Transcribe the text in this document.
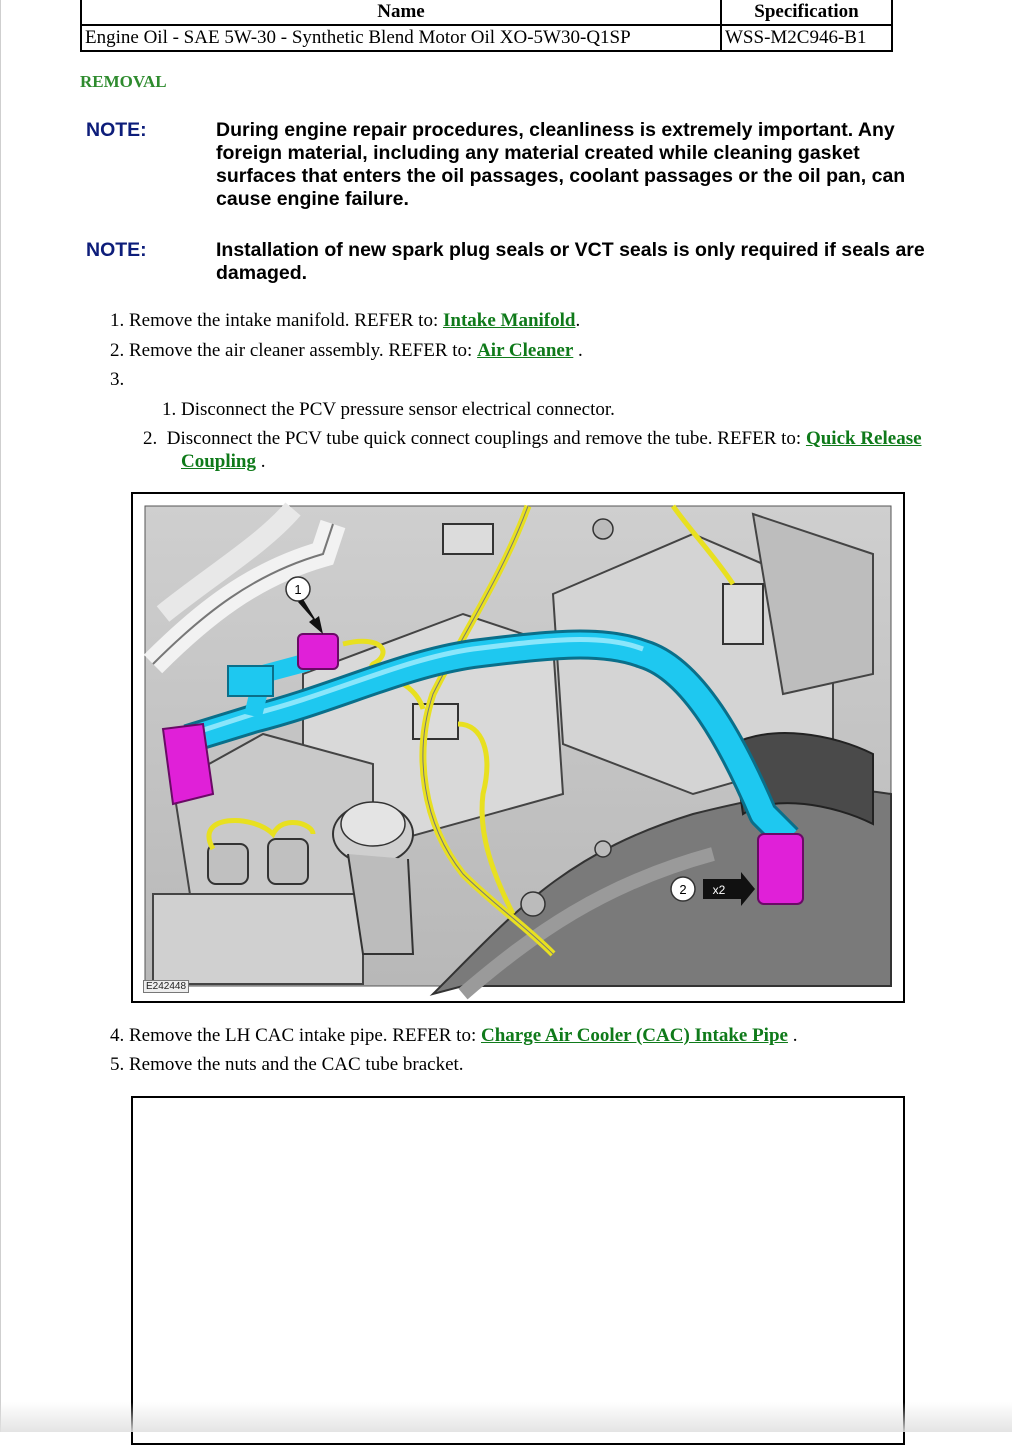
Name	Specification
Engine Oil - SAE 5W-30 - Synthetic Blend Motor Oil XO-5W30-Q1SP	WSS-M2C946-B1
REMOVAL
NOTE:	During engine repair procedures, cleanliness is extremely important. Any foreign material, including any material created while cleaning gasket surfaces that enters the oil passages, coolant passages or the oil pan, can cause engine failure.
NOTE:	Installation of new spark plug seals or VCT seals is only required if seals are damaged.
1. Remove the intake manifold. REFER to: Intake Manifold.
2. Remove the air cleaner assembly. REFER to: Air Cleaner .
3.
1. Disconnect the PCV pressure sensor electrical connector.
2. Disconnect the PCV tube quick connect couplings and remove the tube. REFER to: Quick Release Coupling .
1
2 x2
E242448
4. Remove the LH CAC intake pipe. REFER to: Charge Air Cooler (CAC) Intake Pipe .
5. Remove the nuts and the CAC tube bracket.
